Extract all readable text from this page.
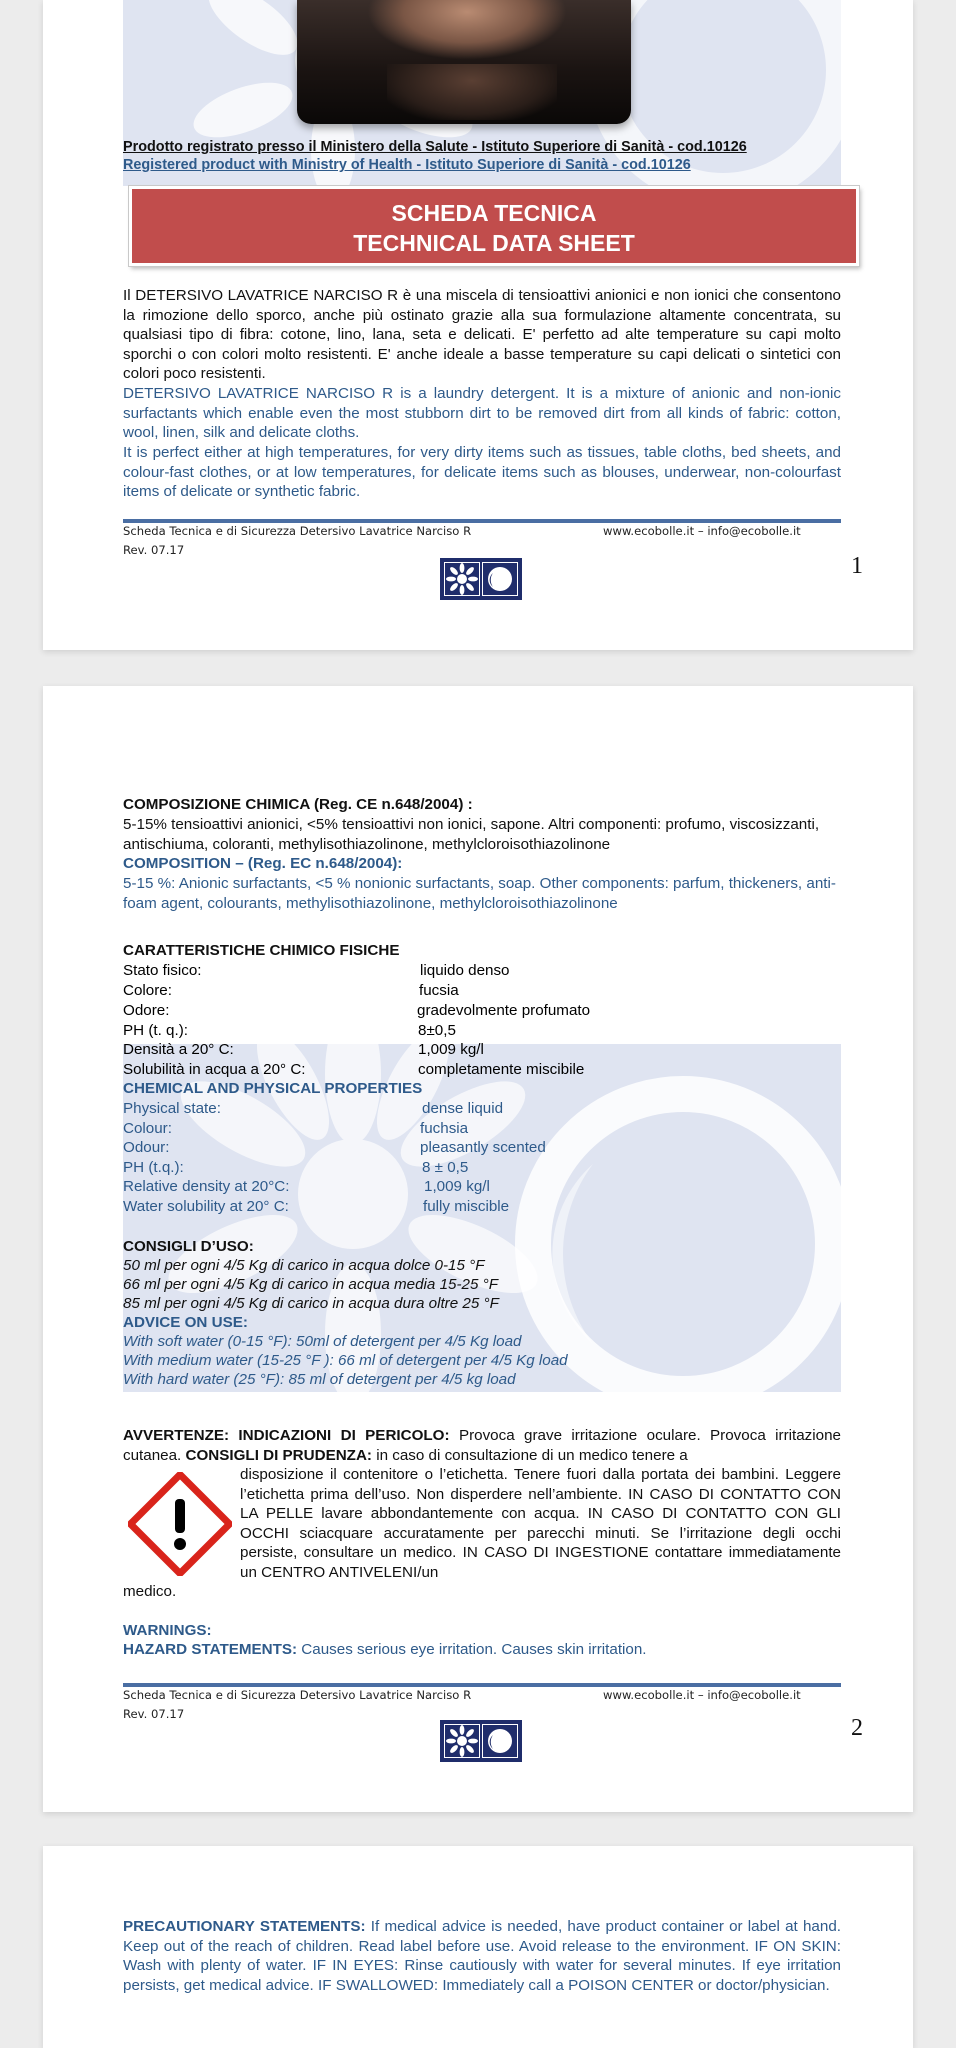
Prodotto registrato presso il Ministero della Salute - Istituto Superiore di Sanità - cod.10126
Registered product with Ministry of Health - Istituto Superiore di Sanità - cod.10126
SCHEDA TECNICA
TECHNICAL DATA SHEET
Il DETERSIVO LAVATRICE NARCISO R è una miscela di tensioattivi anionici e non ionici che consentono la rimozione dello sporco, anche più ostinato grazie alla sua formulazione altamente concentrata, su qualsiasi tipo di fibra: cotone, lino, lana, seta e delicati. E' perfetto ad alte temperature su capi molto sporchi o con colori molto resistenti. E' anche ideale a basse temperature su capi delicati o sintetici con colori poco resistenti.
DETERSIVO LAVATRICE NARCISO R is a laundry detergent. It is a mixture of anionic and non-ionic surfactants which enable even the most stubborn dirt to be removed dirt from all kinds of fabric: cotton, wool, linen, silk and delicate cloths.
It is perfect either at high temperatures, for very dirty items such as tissues, table cloths, bed sheets, and colour-fast clothes, or at low temperatures, for delicate items such as blouses, underwear, non-colourfast items of delicate or synthetic fabric.
Scheda Tecnica e di Sicurezza Detersivo Lavatrice Narciso R	www.ecobolle.it – info@ecobolle.it
Rev. 07.17
1
COMPOSIZIONE CHIMICA (Reg. CE n.648/2004) :
5-15% tensioattivi anionici, <5% tensioattivi non ionici, sapone. Altri componenti: profumo, viscosizzanti, antischiuma, coloranti, methylisothiazolinone, methylcloroisothiazolinone
COMPOSITION – (Reg. EC n.648/2004):
5-15 %: Anionic surfactants, <5 % nonionic surfactants, soap. Other components: parfum, thickeners, anti-foam agent, colourants, methylisothiazolinone, methylcloroisothiazolinone
CARATTERISTICHE CHIMICO FISICHE
Stato fisico:	liquido denso
Colore:	fucsia
Odore:	gradevolmente profumato
PH (t. q.):	8±0,5
Densità a 20° C:	1,009 kg/l
Solubilità in acqua a 20° C:	completamente miscibile
CHEMICAL AND PHYSICAL PROPERTIES
Physical state:	dense liquid
Colour:	fuchsia
Odour:	pleasantly scented
PH (t.q.):	8 ± 0,5
Relative density at 20°C:	1,009 kg/l
Water solubility at 20° C:	fully miscible
CONSIGLI D’USO:
50 ml per ogni 4/5 Kg di carico in acqua dolce 0-15 °F
66 ml per ogni 4/5 Kg di carico in acqua media 15-25 °F
85 ml per ogni 4/5 Kg di carico in acqua dura oltre 25 °F
ADVICE ON USE:
With soft water (0-15 °F): 50ml of detergent per 4/5 Kg load
With medium water (15-25 °F ): 66 ml of detergent per 4/5 Kg load
With hard water (25 °F): 85 ml of detergent per 4/5 kg load
AVVERTENZE: INDICAZIONI DI PERICOLO: Provoca grave irritazione oculare. Provoca irritazione cutanea. CONSIGLI DI PRUDENZA: in caso di consultazione di un medico tenere a
disposizione il contenitore o l’etichetta. Tenere fuori dalla portata dei bambini. Leggere l’etichetta prima dell’uso. Non disperdere nell’ambiente. IN CASO DI CONTATTO CON LA PELLE lavare abbondantemente con acqua. IN CASO DI CONTATTO CON GLI OCCHI sciacquare accuratamente per parecchi minuti. Se l’irritazione degli occhi persiste, consultare un medico. IN CASO DI INGESTIONE contattare immediatamente un CENTRO ANTIVELENI/un
medico.
WARNINGS:
HAZARD STATEMENTS: Causes serious eye irritation. Causes skin irritation.
Scheda Tecnica e di Sicurezza Detersivo Lavatrice Narciso R	www.ecobolle.it – info@ecobolle.it
Rev. 07.17
2
PRECAUTIONARY STATEMENTS: If medical advice is needed, have product container or label at hand. Keep out of the reach of children. Read label before use. Avoid release to the environment. IF ON SKIN: Wash with plenty of water. IF IN EYES: Rinse cautiously with water for several minutes. If eye irritation persists, get medical advice. IF SWALLOWED: Immediately call a POISON CENTER or doctor/physician.
